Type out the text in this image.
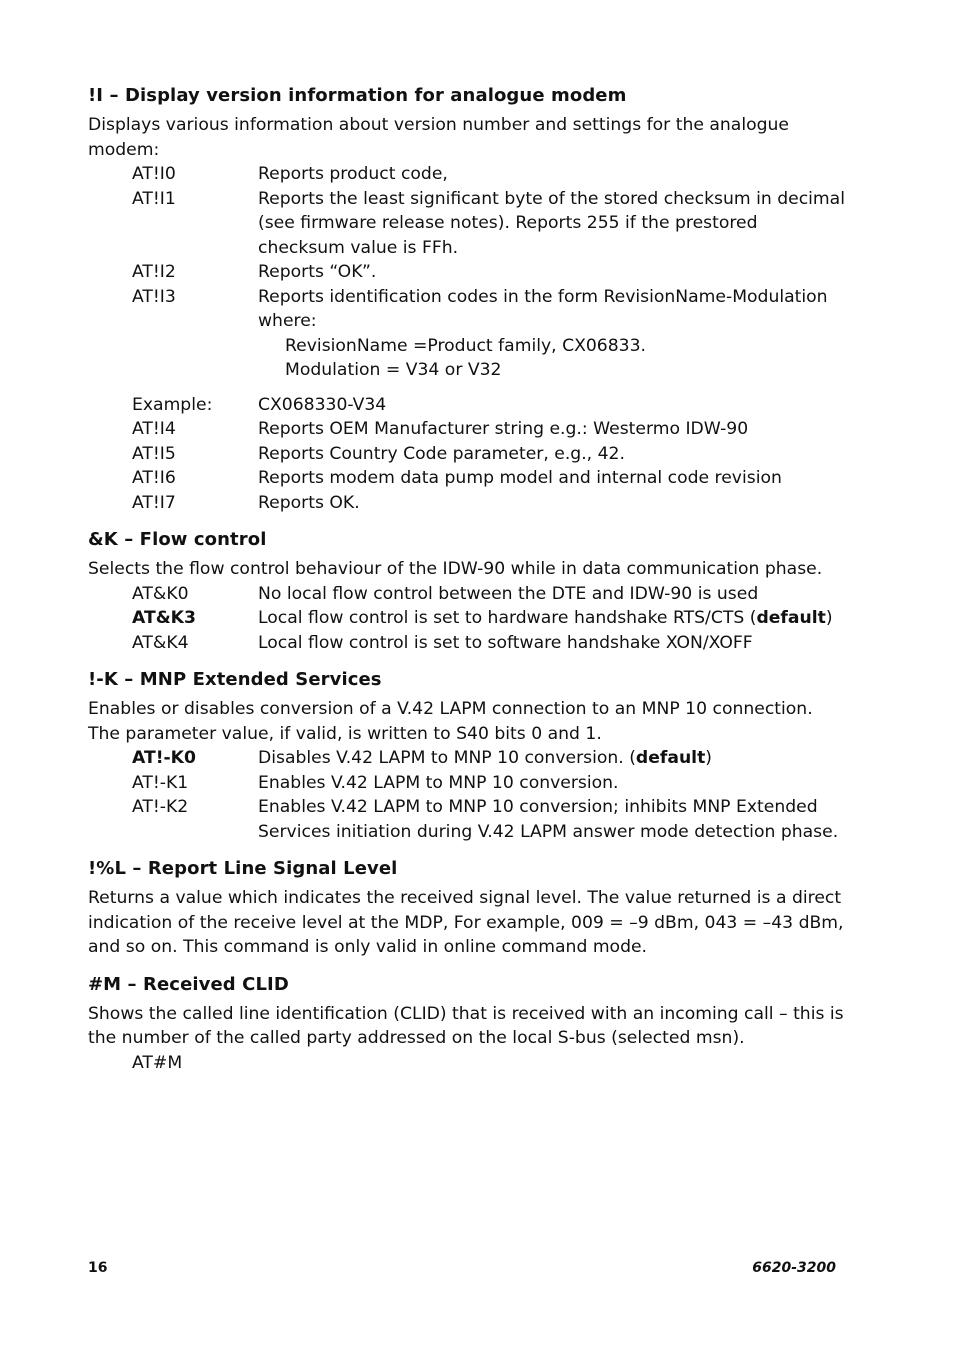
!I – Display version information for analogue modem

Displays various information about version number and settings for the analogue modem:

AT!I0	Reports product code,
AT!I1	Reports the least significant byte of the stored checksum in decimal (see firmware release notes). Reports 255 if the prestored checksum value is FFh.
AT!I2	Reports “OK”.
AT!I3	Reports identification codes in the form RevisionName-Modulation where:
RevisionName =Product family, CX06833.
Modulation = V34 or V32
Example:	CX068330-V34
AT!I4	Reports OEM Manufacturer string e.g.: Westermo IDW-90
AT!I5	Reports Country Code parameter, e.g., 42.
AT!I6	Reports modem data pump model and internal code revision
AT!I7	Reports OK.
&K – Flow control

Selects the flow control behaviour of the IDW-90 while in data communication phase.

AT&K0	No local flow control between the DTE and IDW-90 is used
AT&K3	Local flow control is set to hardware handshake RTS/CTS (default)
AT&K4	Local flow control is set to software handshake XON/XOFF
!-K – MNP Extended Services

Enables or disables conversion of a V.42 LAPM connection to an MNP 10 connection. The parameter value, if valid, is written to S40 bits 0 and 1.

AT!-K0	Disables V.42 LAPM to MNP 10 conversion. (default)
AT!-K1	Enables V.42 LAPM to MNP 10 conversion.
AT!-K2	Enables V.42 LAPM to MNP 10 conversion; inhibits MNP Extended Services initiation during V.42 LAPM answer mode detection phase.
!%L – Report Line Signal Level

Returns a value which indicates the received signal level. The value returned is a direct indication of the receive level at the MDP, For example, 009 = –9 dBm, 043 = –43 dBm, and so on. This command is only valid in online command mode.

#M – Received CLID

Shows the called line identification (CLID) that is received with an incoming call – this is the number of the called party addressed on the local S-bus (selected msn).

AT#M
16	6620-3200
